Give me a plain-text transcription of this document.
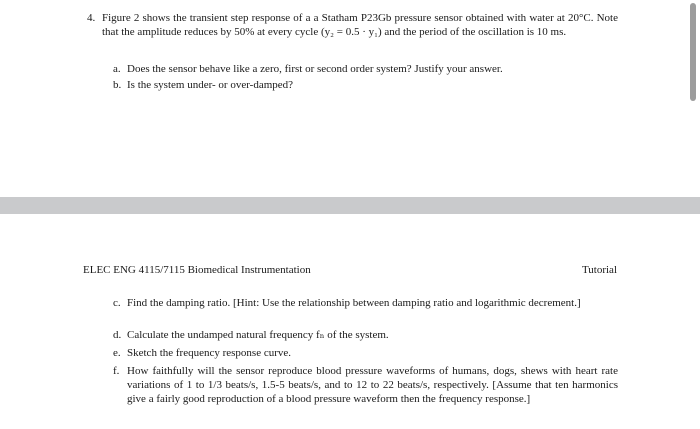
4. Figure 2 shows the transient step response of a a Statham P23Gb pressure sensor obtained with water at 20°C. Note that the amplitude reduces by 50% at every cycle (y₂ = 0.5 · y₁) and the period of the oscillation is 10 ms.

a. Does the sensor behave like a zero, first or second order system? Justify your answer.

b. Is the system under- or over-damped?

ELEC ENG 4115/7115 Biomedical Instrumentation	Tutorial

c. Find the damping ratio. [Hint: Use the relationship between damping ratio and logarithmic decrement.]

d. Calculate the undamped natural frequency fₙ of the system.

e. Sketch the frequency response curve.

f. How faithfully will the sensor reproduce blood pressure waveforms of humans, dogs, shews with heart rate variations of 1 to 1/3 beats/s, 1.5-5 beats/s, and to 12 to 22 beats/s, respectively. [Assume that ten harmonics give a fairly good reproduction of a blood pressure waveform then the frequency response.]
